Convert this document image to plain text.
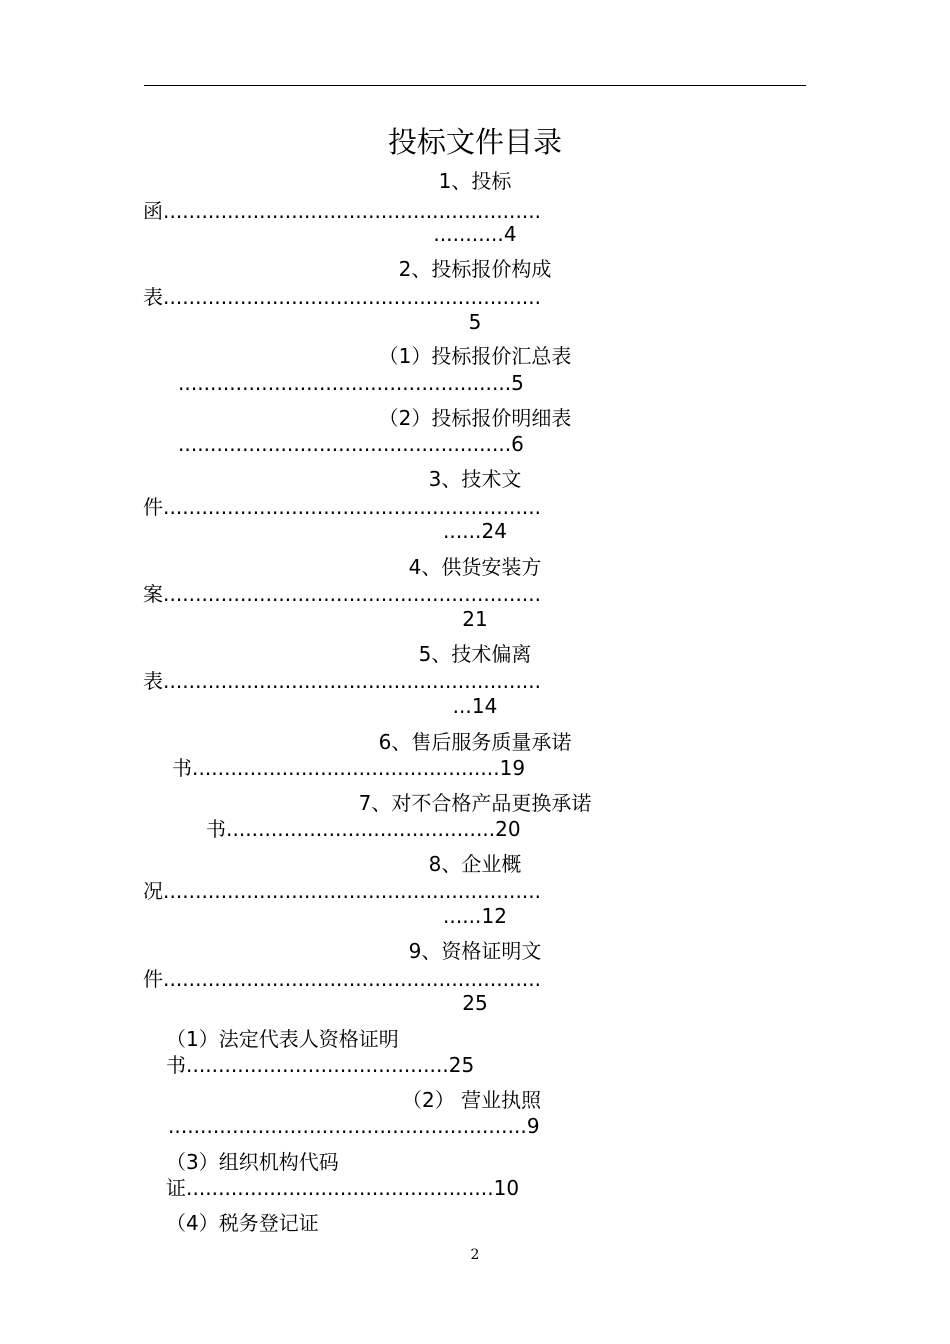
投标文件目录
1、投标
函...........................................................
...........4
2、投标报价构成
表...........................................................
5
（1）投标报价汇总表
....................................................5
（2）投标报价明细表
....................................................6
3、技术文
件...........................................................
......24
4、供货安装方
案...........................................................
21
5、技术偏离
表...........................................................
...14
6、售后服务质量承诺
书................................................19
7、对不合格产品更换承诺
书..........................................20
8、企业概
况...........................................................
......12
9、资格证明文
件...........................................................
25
（1）法定代表人资格证明
书.........................................25
（2） 营业执照
........................................................9
（3）组织机构代码
证................................................10
（4）税务登记证
2
